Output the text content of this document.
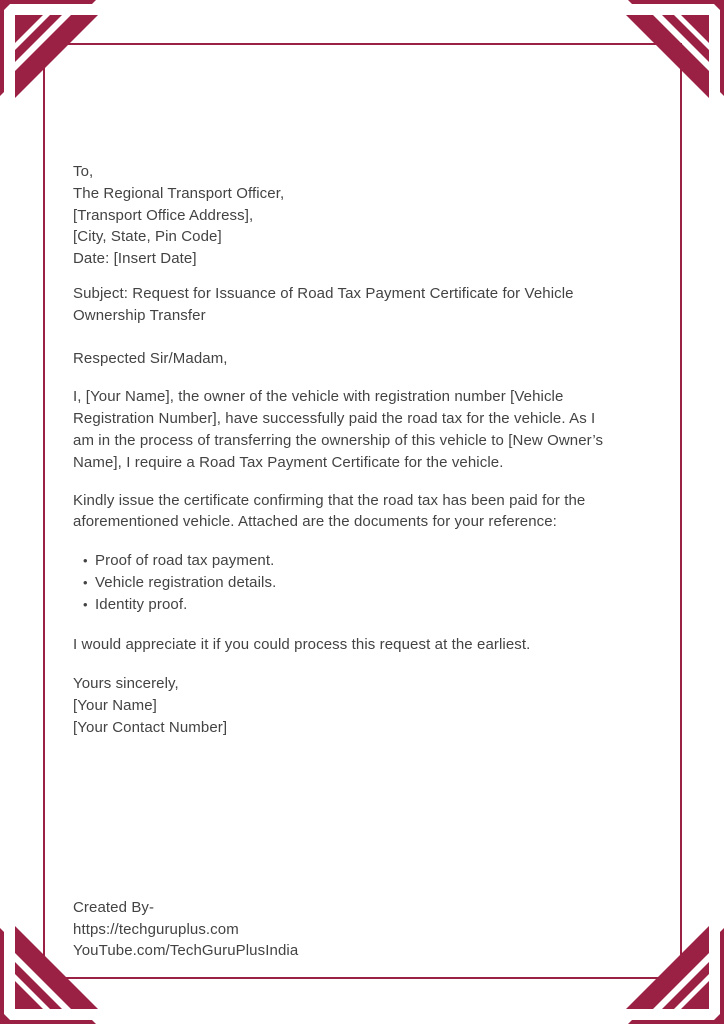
To,
The Regional Transport Officer,
[Transport Office Address],
[City, State, Pin Code]
Date: [Insert Date]
Subject: Request for Issuance of Road Tax Payment Certificate for Vehicle
Ownership Transfer
Respected Sir/Madam,
I, [Your Name], the owner of the vehicle with registration number [Vehicle
Registration Number], have successfully paid the road tax for the vehicle. As I
am in the process of transferring the ownership of this vehicle to [New Owner’s
Name], I require a Road Tax Payment Certificate for the vehicle.
Kindly issue the certificate confirming that the road tax has been paid for the
aforementioned vehicle. Attached are the documents for your reference:
• Proof of road tax payment.
• Vehicle registration details.
• Identity proof.
I would appreciate it if you could process this request at the earliest.
Yours sincerely,
[Your Name]
[Your Contact Number]
Created By-
https://techguruplus.com
YouTube.com/TechGuruPlusIndia
